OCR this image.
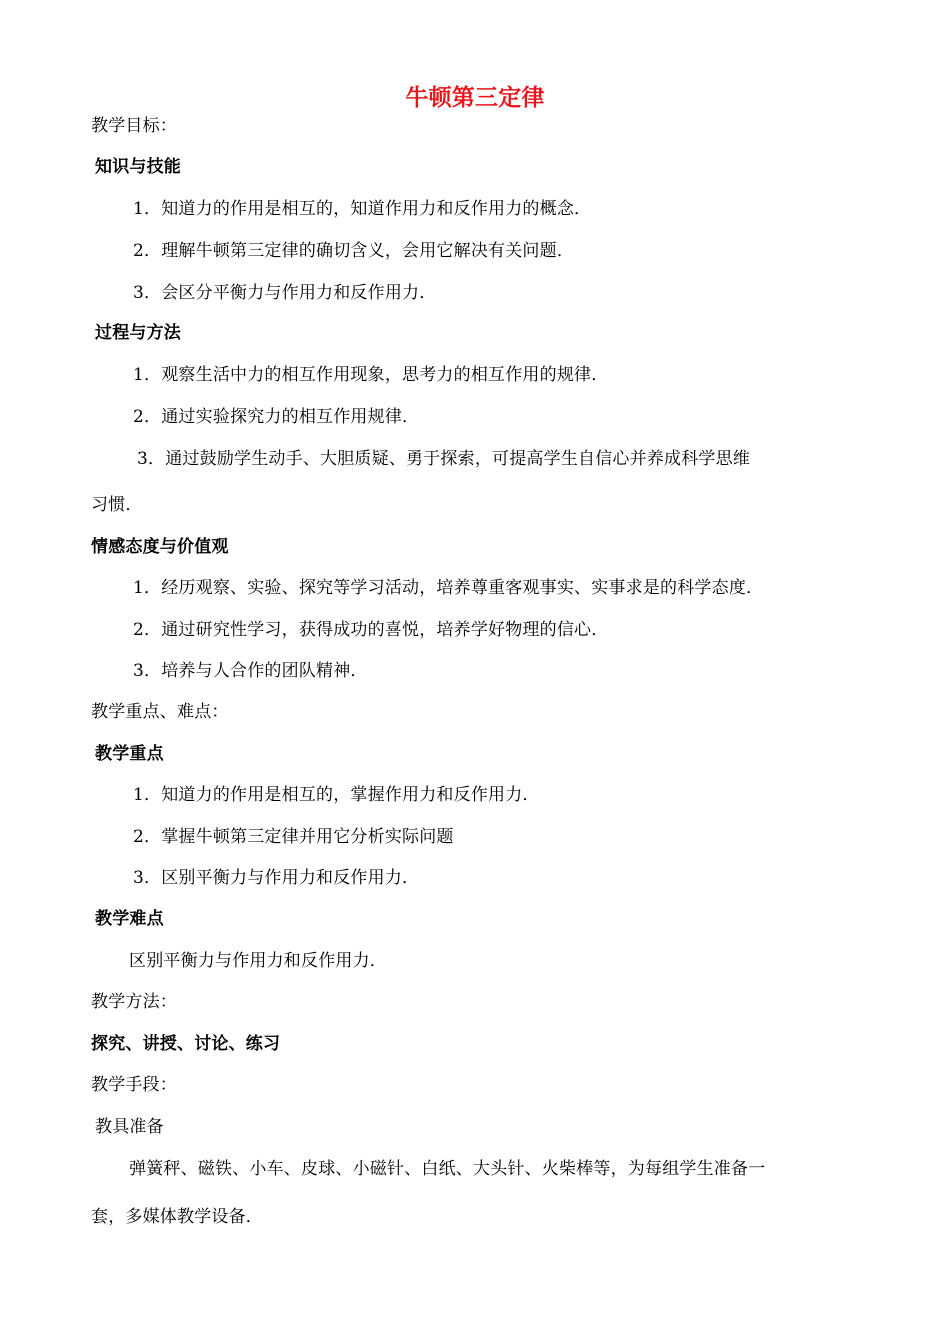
牛顿第三定律
教学目标：
知识与技能
1．知道力的作用是相互的，知道作用力和反作用力的概念．
2．理解牛顿第三定律的确切含义，会用它解决有关问题．
3．会区分平衡力与作用力和反作用力．
过程与方法
1．观察生活中力的相互作用现象，思考力的相互作用的规律．
2．通过实验探究力的相互作用规律．
3．通过鼓励学生动手、大胆质疑、勇于探索，可提高学生自信心并养成科学思维
习惯．
情感态度与价值观
1．经历观察、实验、探究等学习活动，培养尊重客观事实、实事求是的科学态度．
2．通过研究性学习，获得成功的喜悦，培养学好物理的信心．
3．培养与人合作的团队精神．
教学重点、难点：
教学重点
1．知道力的作用是相互的，掌握作用力和反作用力．
2．掌握牛顿第三定律并用它分析实际问题
3．区别平衡力与作用力和反作用力．
教学难点
区别平衡力与作用力和反作用力．
教学方法：
探究、讲授、讨论、练习
教学手段：
教具准备
弹簧秤、磁铁、小车、皮球、小磁针、白纸、大头针、火柴棒等，为每组学生准备一
套，多媒体教学设备．
